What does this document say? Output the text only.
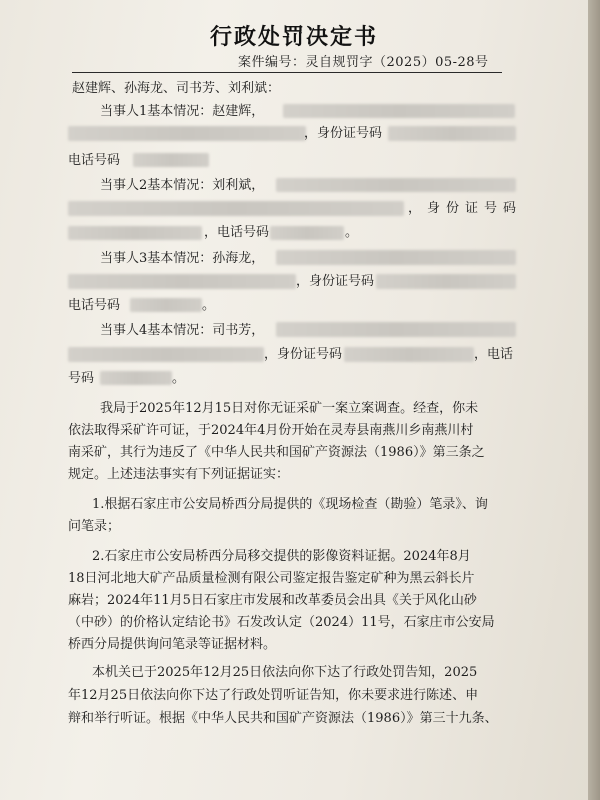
行政处罚决定书
案件编号：灵自规罚字（2025）05-28号
赵建辉、孙海龙、司书芳、刘利斌：
当事人1基本情况：赵建辉，
，身份证号码
电话号码
当事人2基本情况：刘利斌，
，身份证号码
，电话号码	。
当事人3基本情况：孙海龙，
，身份证号码
电话号码	。
当事人4基本情况：司书芳，
，身份证号码	，电话
号码	。
我局于2025年12月15日对你无证采矿一案立案调查。经查，你未
依法取得采矿许可证，于2024年4月份开始在灵寿县南燕川乡南燕川村
南采矿，其行为违反了《中华人民共和国矿产资源法（1986）》第三条之
规定。上述违法事实有下列证据证实：
1.根据石家庄市公安局桥西分局提供的《现场检查（勘验）笔录》、询
问笔录；
2.石家庄市公安局桥西分局移交提供的影像资料证据。2024年8月
18日河北地大矿产品质量检测有限公司鉴定报告鉴定矿种为黑云斜长片
麻岩；2024年11月5日石家庄市发展和改革委员会出具《关于风化山砂
（中砂）的价格认定结论书》石发改认定（2024）11号，石家庄市公安局
桥西分局提供询问笔录等证据材料。
本机关已于2025年12月25日依法向你下达了行政处罚告知，2025
年12月25日依法向你下达了行政处罚听证告知，你未要求进行陈述、申
辩和举行听证。根据《中华人民共和国矿产资源法（1986）》第三十九条、
